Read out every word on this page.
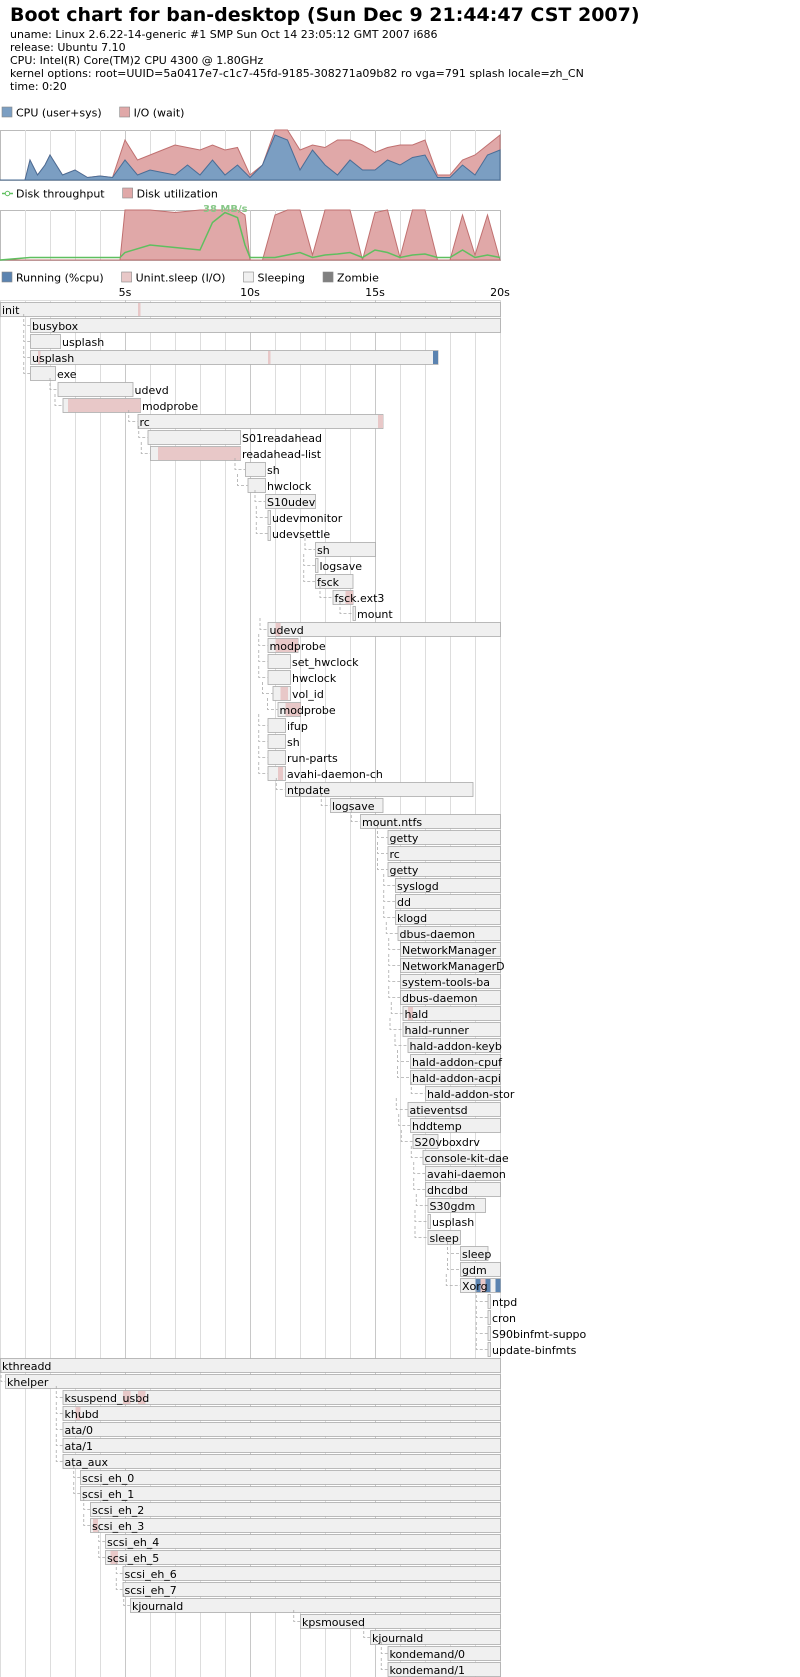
Boot chart for ban-desktop (Sun Dec 9 21:44:47 CST 2007)
uname: Linux 2.6.22-14-generic #1 SMP Sun Oct 14 23:05:12 GMT 2007 i686
release: Ubuntu 7.10
CPU: Intel(R) Core(TM)2 CPU 4300 @ 1.80GHz
kernel options: root=UUID=5a0417e7-c1c7-45fd-9185-308271a09b82 ro vga=791 splash locale=zh_CN
time: 0:20
CPU (user+sys)	I/O (wait)
Disk throughput	Disk utilization
38 MB/s
Running (%cpu)	Unint.sleep (I/O)	Sleeping	Zombie
5s	10s	15s	20s
init
busybox
usplash
usplash
exe
udevd
modprobe
rc
S01readahead
readahead-list
sh
hwclock
S10udev
udevmonitor
udevsettle
sh
logsave
fsck
fsck.ext3
mount
udevd
modprobe
set_hwclock
hwclock
vol_id
modprobe
ifup
sh
run-parts
avahi-daemon-ch
ntpdate
logsave
mount.ntfs
getty
rc
getty
syslogd
dd
klogd
dbus-daemon
NetworkManager
NetworkManagerD
system-tools-ba
dbus-daemon
hald
hald-runner
hald-addon-keyb
hald-addon-cpuf
hald-addon-acpi
hald-addon-stor
atieventsd
hddtemp
S20vboxdrv
console-kit-dae
avahi-daemon
dhcdbd
S30gdm
usplash
sleep
sleep
gdm
Xorg
ntpd
cron
S90binfmt-suppo
update-binfmts
kthreadd
khelper
ksuspend_usbd
khubd
ata/0
ata/1
ata_aux
scsi_eh_0
scsi_eh_1
scsi_eh_2
scsi_eh_3
scsi_eh_4
scsi_eh_5
scsi_eh_6
scsi_eh_7
kjournald
kpsmoused
kjournald
kondemand/0
kondemand/1
